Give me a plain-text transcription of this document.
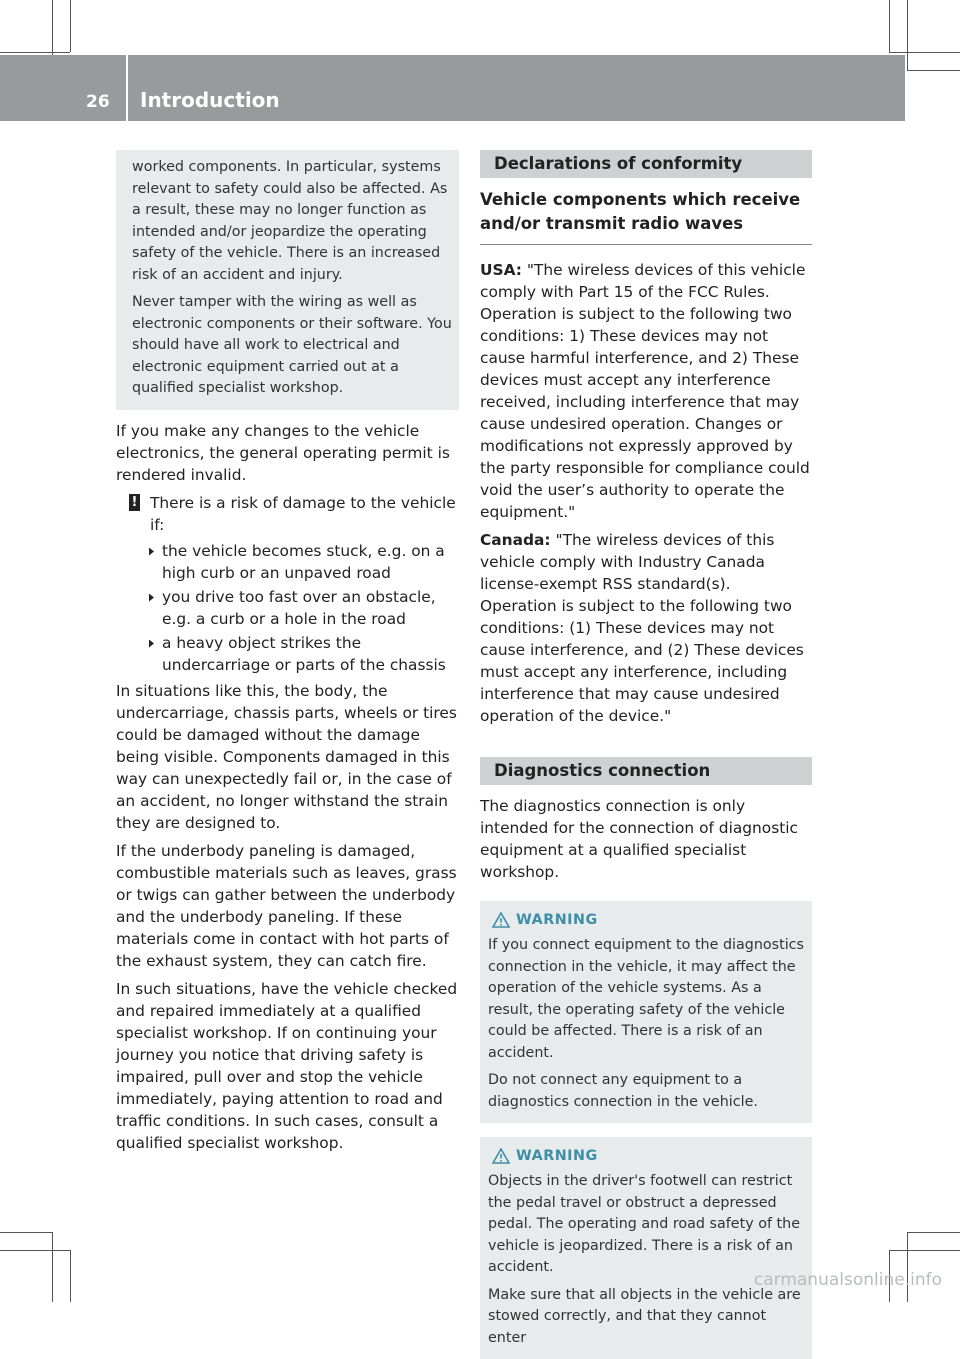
26	Introduction

worked components. In particular, systems relevant to safety could also be affected. As a result, these may no longer function as intended and/or jeopardize the operating safety of the vehicle. There is an increased risk of an accident and injury.

Never tamper with the wiring as well as electronic components or their software. You should have all work to electrical and electronic equipment carried out at a qualified specialist workshop.

If you make any changes to the vehicle electronics, the general operating permit is rendered invalid.

! There is a risk of damage to the vehicle if:
the vehicle becomes stuck, e.g. on a high curb or an unpaved road
you drive too fast over an obstacle, e.g. a curb or a hole in the road
a heavy object strikes the undercarriage or parts of the chassis

In situations like this, the body, the undercarriage, chassis parts, wheels or tires could be damaged without the damage being visible. Components damaged in this way can unexpectedly fail or, in the case of an accident, no longer withstand the strain they are designed to.

If the underbody paneling is damaged, combustible materials such as leaves, grass or twigs can gather between the underbody and the underbody paneling. If these materials come in contact with hot parts of the exhaust system, they can catch fire.

In such situations, have the vehicle checked and repaired immediately at a qualified specialist workshop. If on continuing your journey you notice that driving safety is impaired, pull over and stop the vehicle immediately, paying attention to road and traffic conditions. In such cases, consult a qualified specialist workshop.

Declarations of conformity
Vehicle components which receive and/or transmit radio waves

USA: "The wireless devices of this vehicle comply with Part 15 of the FCC Rules. Operation is subject to the following two conditions: 1) These devices may not cause harmful interference, and 2) These devices must accept any interference received, including interference that may cause undesired operation. Changes or modifications not expressly approved by the party responsible for compliance could void the user’s authority to operate the equipment."

Canada: "The wireless devices of this vehicle comply with Industry Canada license-exempt RSS standard(s). Operation is subject to the following two conditions: (1) These devices may not cause interference, and (2) These devices must accept any interference, including interference that may cause undesired operation of the device."

Diagnostics connection

The diagnostics connection is only intended for the connection of diagnostic equipment at a qualified specialist workshop.

WARNING

If you connect equipment to the diagnostics connection in the vehicle, it may affect the operation of the vehicle systems. As a result, the operating safety of the vehicle could be affected. There is a risk of an accident.

Do not connect any equipment to a diagnostics connection in the vehicle.

WARNING

Objects in the driver's footwell can restrict the pedal travel or obstruct a depressed pedal. The operating and road safety of the vehicle is jeopardized. There is a risk of an accident.

Make sure that all objects in the vehicle are stowed correctly, and that they cannot enter

carmanualsonline.info
